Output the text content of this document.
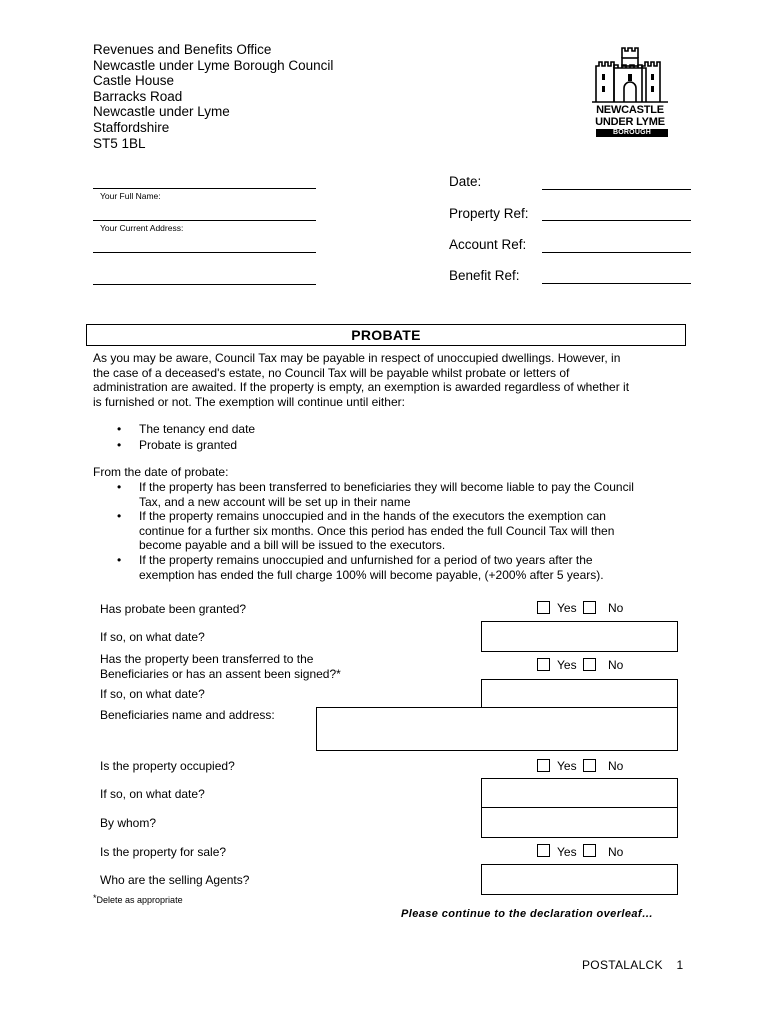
Revenues and Benefits Office
Newcastle under Lyme Borough Council
Castle House
Barracks Road
Newcastle under Lyme
Staffordshire
ST5 1BL
NEWCASTLE
UNDER LYME
BOROUGH COUNCIL
Your Full Name:
Your Current Address:
Date:
Property Ref:
Account Ref:
Benefit Ref:
PROBATE
As you may be aware, Council Tax may be payable in respect of unoccupied dwellings. However, in
the case of a deceased's estate, no Council Tax will be payable whilst probate or letters of
administration are awaited. If the property is empty, an exemption is awarded regardless of whether it
is furnished or not. The exemption will continue until either:
• The tenancy end date
• Probate is granted
From the date of probate:
• If the property has been transferred to beneficiaries they will become liable to pay the Council
Tax, and a new account will be set up in their name
• If the property remains unoccupied and in the hands of the executors the exemption can
continue for a further six months. Once this period has ended the full Council Tax will then
become payable and a bill will be issued to the executors.
• If the property remains unoccupied and unfurnished for a period of two years after the
exemption has ended the full charge 100% will become payable, (+200% after 5 years).
Has probate been granted?	Yes	No
If so, on what date?
Has the property been transferred to the
Beneficiaries or has an assent been signed?*
Yes	No
If so, on what date?
Beneficiaries name and address:
Is the property occupied?	Yes	No
If so, on what date?
By whom?
Is the property for sale?	Yes	No
Who are the selling Agents?
*Delete as appropriate
Please continue to the declaration overleaf…
POSTALALCK 1
